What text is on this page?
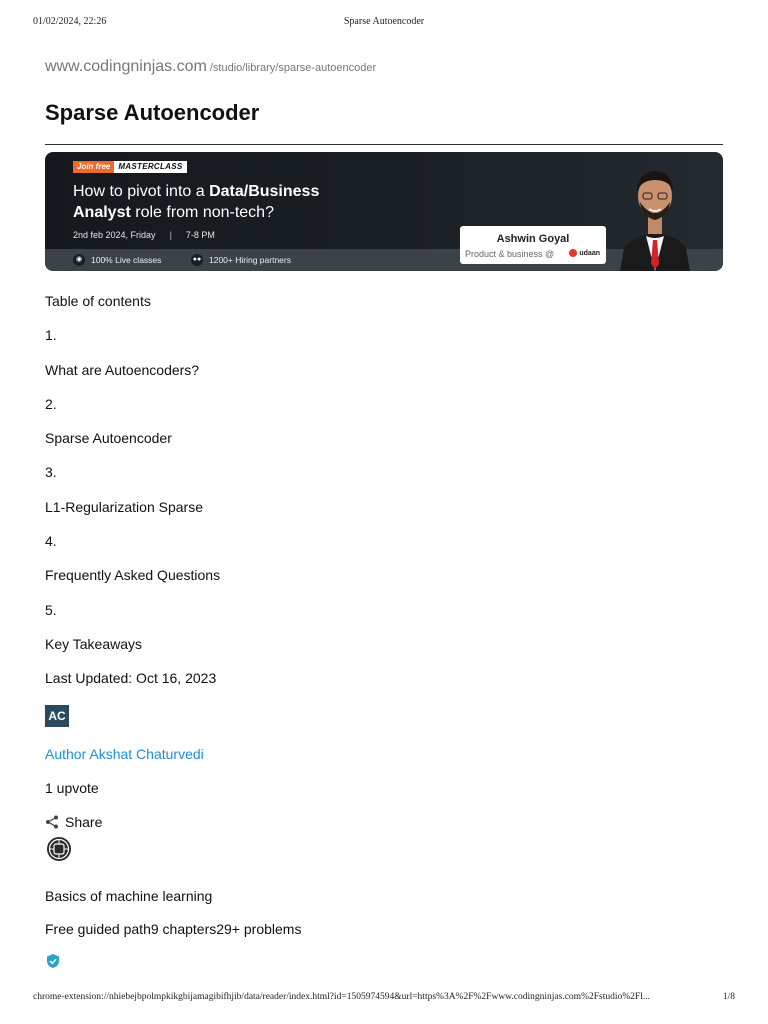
01/02/2024, 22:26	Sparse Autoencoder
www.codingninjas.com /studio/library/sparse-autoencoder
Sparse Autoencoder
Join free	MASTERCLASS
How to pivot into a Data/Business
Analyst role from non-tech?
2nd feb 2024, Friday | 7-8 PM
◉	100% Live classes	●● 1200+ Hiring partners
Ashwin Goyal
Product & business @	udaan
Table of contents
1.
What are Autoencoders?
2.
Sparse Autoencoder
3.
L1-Regularization Sparse
4.
Frequently Asked Questions
5.
Key Takeaways
Last Updated: Oct 16, 2023
AC
Author Akshat Chaturvedi
1 upvote
Share
Basics of machine learning
Free guided path9 chapters29+ problems
chrome-extension://nhiebejbpolmpkikgbijamagibifhjib/data/reader/index.html?id=1505974594&url=https%3A%2F%2Fwww.codingninjas.com%2Fstudio%2Fl...	1/8
